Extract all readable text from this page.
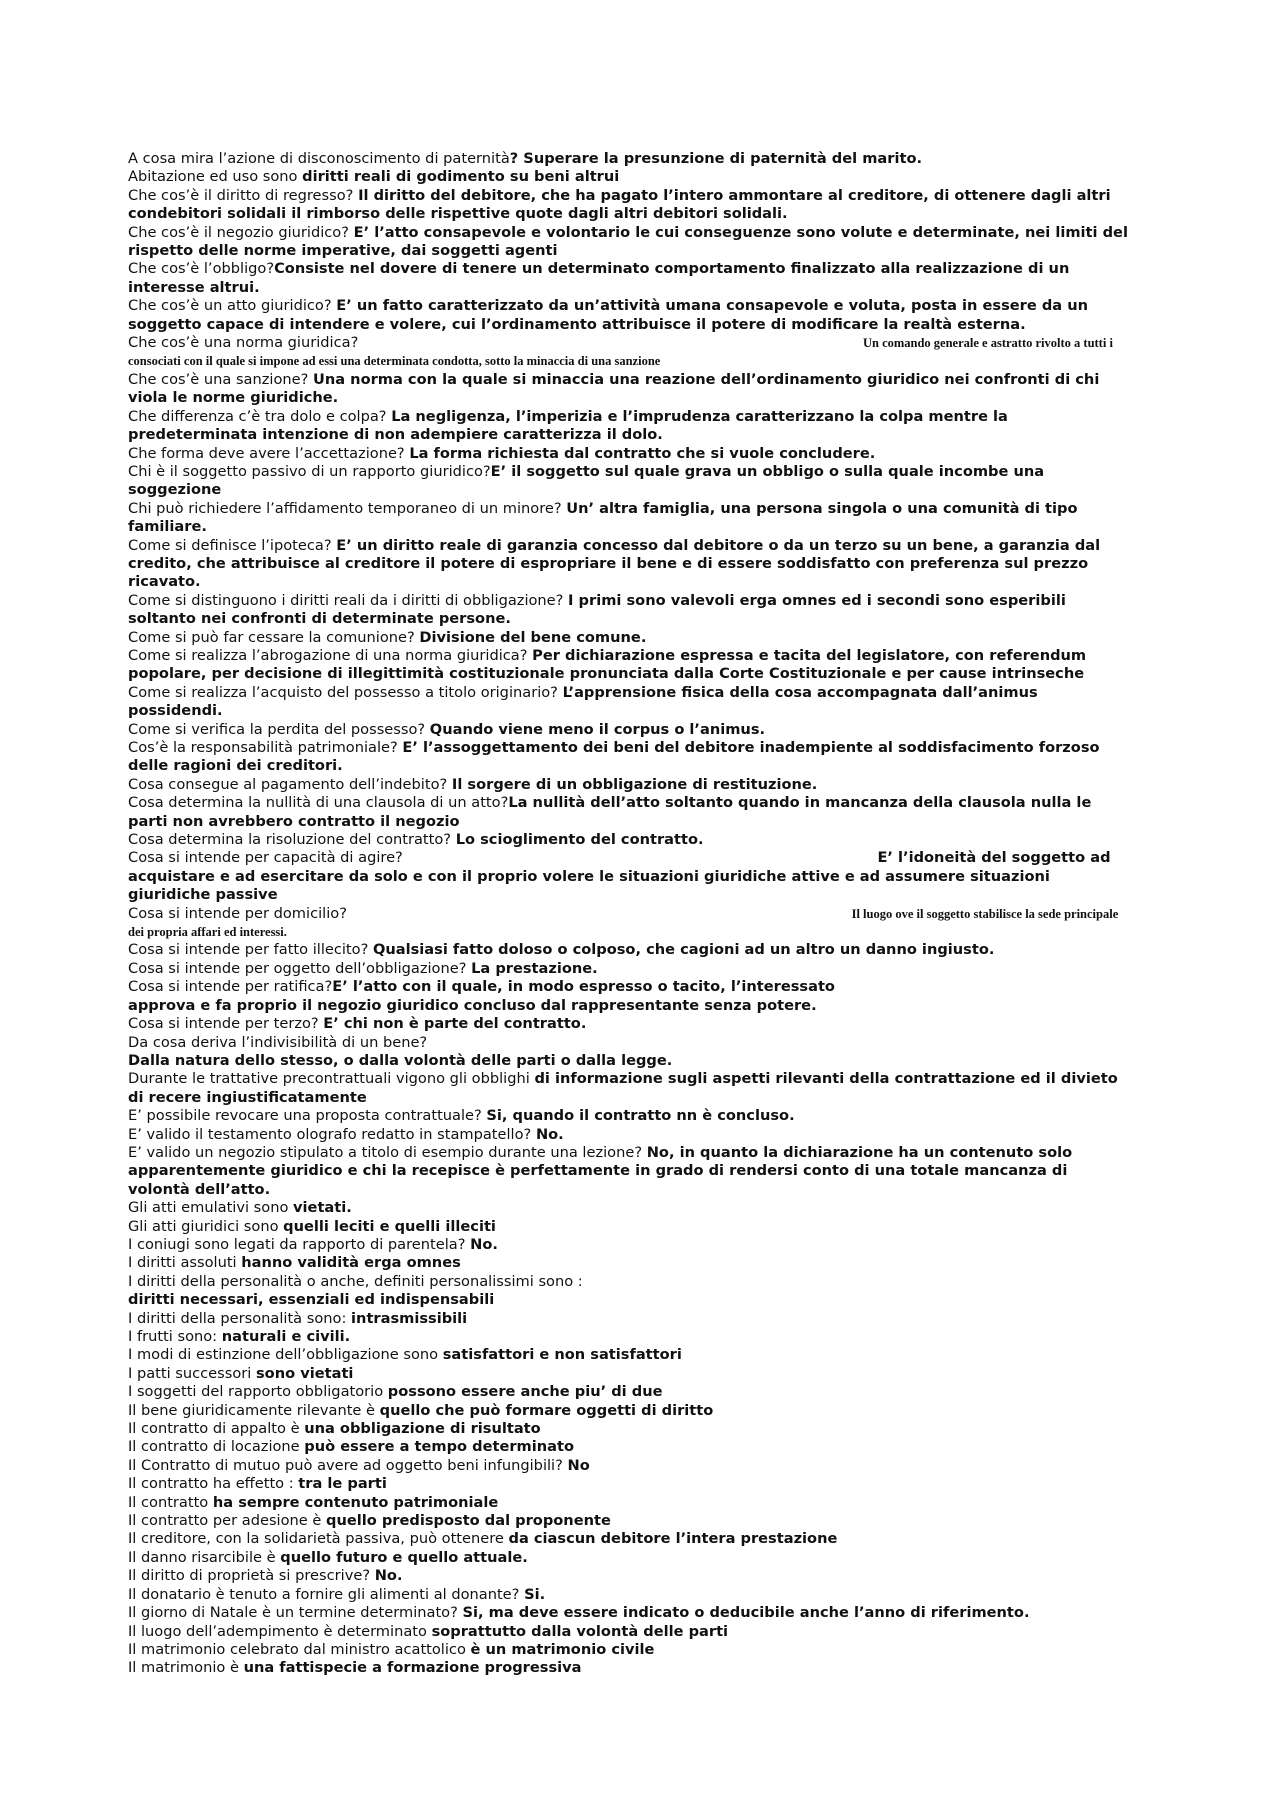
A cosa mira l’azione di disconoscimento di paternità? Superare la presunzione di paternità del marito.
Abitazione ed uso sono diritti reali di godimento su beni altrui
Che cos’è il diritto di regresso? Il diritto del debitore, che ha pagato l’intero ammontare al creditore, di ottenere dagli altri condebitori solidali il rimborso delle rispettive quote dagli altri debitori solidali.
Che cos’è il negozio giuridico? E’ l’atto consapevole e volontario le cui conseguenze sono volute e determinate, nei limiti del rispetto delle norme imperative, dai soggetti agenti
Che cos’è l’obbligo?Consiste nel dovere di tenere un determinato comportamento finalizzato alla realizzazione di un interesse altrui.
Che cos’è un atto giuridico? E’ un fatto caratterizzato da un’attività umana consapevole e voluta, posta in essere da un soggetto capace di intendere e volere, cui l’ordinamento attribuisce il potere di modificare la realtà esterna.
Che cos’è una norma giuridica?	Un comando generale e astratto rivolto a tutti i consociati con il quale si impone ad essi una determinata condotta, sotto la minaccia di una sanzione
Che cos’è una sanzione? Una norma con la quale si minaccia una reazione dell’ordinamento giuridico nei confronti di chi viola le norme giuridiche.
Che differenza c’è tra dolo e colpa? La negligenza, l’imperizia e l’imprudenza caratterizzano la colpa mentre la predeterminata intenzione di non adempiere caratterizza il dolo.
Che forma deve avere l’accettazione? La forma richiesta dal contratto che si vuole concludere.
Chi è il soggetto passivo di un rapporto giuridico?E’ il soggetto sul quale grava un obbligo o sulla quale incombe una soggezione
Chi può richiedere l’affidamento temporaneo di un minore? Un’ altra famiglia, una persona singola o una comunità di tipo familiare.
Come si definisce l’ipoteca? E’ un diritto reale di garanzia concesso dal debitore o da un terzo su un bene, a garanzia dal credito, che attribuisce al creditore il potere di espropriare il bene e di essere soddisfatto con preferenza sul prezzo ricavato.
Come si distinguono i diritti reali da i diritti di obbligazione? I primi sono valevoli erga omnes ed i secondi sono esperibili soltanto nei confronti di determinate persone.
Come si può far cessare la comunione? Divisione del bene comune.
Come si realizza l’abrogazione di una norma giuridica? Per dichiarazione espressa e tacita del legislatore, con referendum popolare, per decisione di illegittimità costituzionale pronunciata dalla Corte Costituzionale e per cause intrinseche
Come si realizza l’acquisto del possesso a titolo originario? L’apprensione fisica della cosa accompagnata dall’animus possidendi.
Come si verifica la perdita del possesso? Quando viene meno il corpus o l’animus.
Cos’è la responsabilità patrimoniale? E’ l’assoggettamento dei beni del debitore inadempiente al soddisfacimento forzoso delle ragioni dei creditori.
Cosa consegue al pagamento dell’indebito? Il sorgere di un obbligazione di restituzione.
Cosa determina la nullità di una clausola di un atto?La nullità dell’atto soltanto quando in mancanza della clausola nulla le parti non avrebbero contratto il negozio
Cosa determina la risoluzione del contratto? Lo scioglimento del contratto.
Cosa si intende per capacità di agire?	E’ l’idoneità del soggetto ad acquistare e ad esercitare da solo e con il proprio volere le situazioni giuridiche attive e ad assumere situazioni giuridiche passive
Cosa si intende per domicilio?	Il luogo ove il soggetto stabilisce la sede principale dei propria affari ed interessi.
Cosa si intende per fatto illecito? Qualsiasi fatto doloso o colposo, che cagioni ad un altro un danno ingiusto.
Cosa si intende per oggetto dell’obbligazione? La prestazione.
Cosa si intende per ratifica?E’ l’atto con il quale, in modo espresso o tacito, l’interessato
approva e fa proprio il negozio giuridico concluso dal rappresentante senza potere.
Cosa si intende per terzo? E’ chi non è parte del contratto.
Da cosa deriva l’indivisibilità di un bene?
Dalla natura dello stesso, o dalla volontà delle parti o dalla legge.
Durante le trattative precontrattuali vigono gli obblighi di informazione sugli aspetti rilevanti della contrattazione ed il divieto di recere ingiustificatamente
E’ possibile revocare una proposta contrattuale? Si, quando il contratto nn è concluso.
E’ valido il testamento olografo redatto in stampatello? No.
E’ valido un negozio stipulato a titolo di esempio durante una lezione? No, in quanto la dichiarazione ha un contenuto solo apparentemente giuridico e chi la recepisce è perfettamente in grado di rendersi conto di una totale mancanza di volontà dell’atto.
Gli atti emulativi sono vietati.
Gli atti giuridici sono quelli leciti e quelli illeciti
I coniugi sono legati da rapporto di parentela? No.
I diritti assoluti hanno validità erga omnes
I diritti della personalità o anche, definiti personalissimi sono :
diritti necessari, essenziali ed indispensabili
I diritti della personalità sono: intrasmissibili
I frutti sono: naturali e civili.
I modi di estinzione dell’obbligazione sono satisfattori e non satisfattori
I patti successori sono vietati
I soggetti del rapporto obbligatorio possono essere anche piu’ di due
Il bene giuridicamente rilevante è quello che può formare oggetti di diritto
Il contratto di appalto è una obbligazione di risultato
Il contratto di locazione può essere a tempo determinato
Il Contratto di mutuo può avere ad oggetto beni infungibili? No
Il contratto ha effetto : tra le parti
Il contratto ha sempre contenuto patrimoniale
Il contratto per adesione è quello predisposto dal proponente
Il creditore, con la solidarietà passiva, può ottenere da ciascun debitore l’intera prestazione
Il danno risarcibile è quello futuro e quello attuale.
Il diritto di proprietà si prescrive? No.
Il donatario è tenuto a fornire gli alimenti al donante? Si.
Il giorno di Natale è un termine determinato? Si, ma deve essere indicato o deducibile anche l’anno di riferimento.
Il luogo dell’adempimento è determinato soprattutto dalla volontà delle parti
Il matrimonio celebrato dal ministro acattolico è un matrimonio civile
Il matrimonio è una fattispecie a formazione progressiva
